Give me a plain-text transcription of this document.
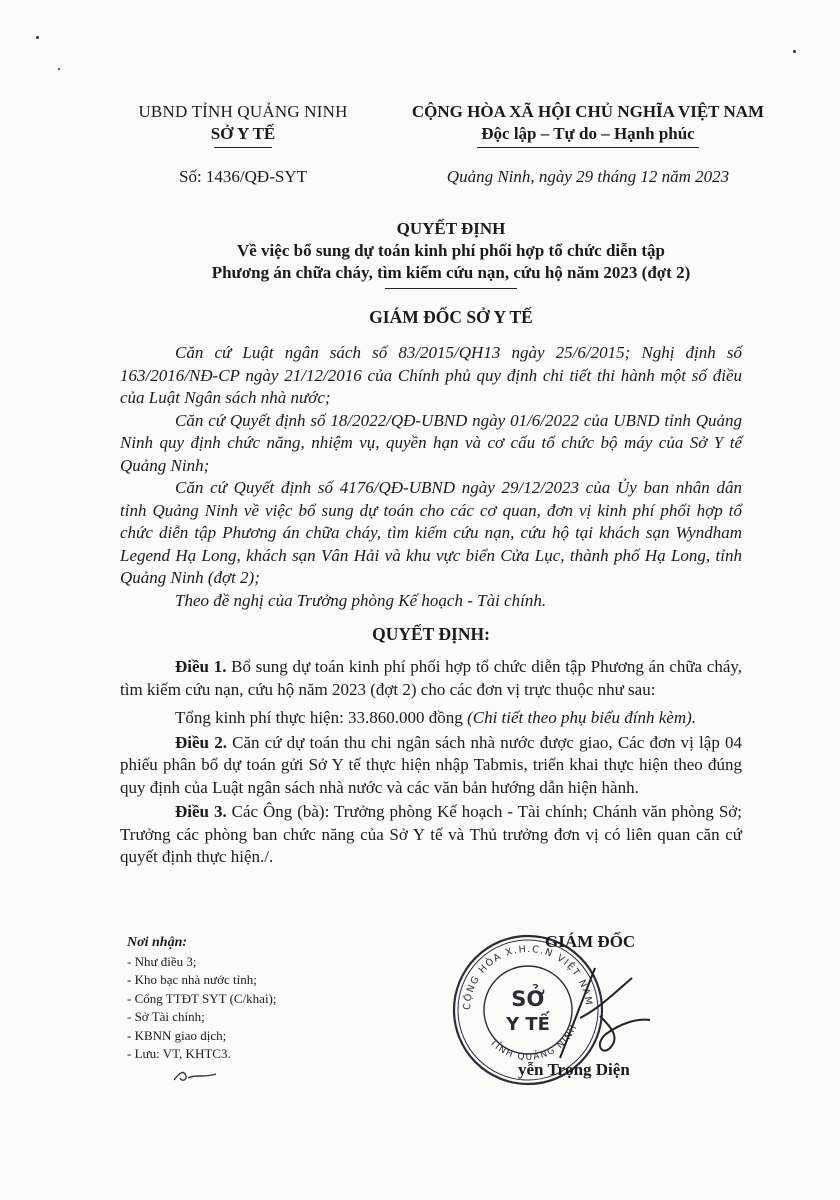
UBND TỈNH QUẢNG NINH
SỞ Y TẾ
Số: 1436/QĐ-SYT
CỘNG HÒA XÃ HỘI CHỦ NGHĨA VIỆT NAM
Độc lập – Tự do – Hạnh phúc
Quảng Ninh, ngày 29 tháng 12 năm 2023
QUYẾT ĐỊNH
Về việc bổ sung dự toán kinh phí phối hợp tổ chức diễn tập
Phương án chữa cháy, tìm kiếm cứu nạn, cứu hộ năm 2023 (đợt 2)
GIÁM ĐỐC SỞ Y TẾ

Căn cứ Luật ngân sách số 83/2015/QH13 ngày 25/6/2015; Nghị định số 163/2016/NĐ-CP ngày 21/12/2016 của Chính phủ quy định chi tiết thi hành một số điều của Luật Ngân sách nhà nước;

Căn cứ Quyết định số 18/2022/QĐ-UBND ngày 01/6/2022 của UBND tỉnh Quảng Ninh quy định chức năng, nhiệm vụ, quyền hạn và cơ cấu tổ chức bộ máy của Sở Y tế Quảng Ninh;

Căn cứ Quyết định số 4176/QĐ-UBND ngày 29/12/2023 của Ủy ban nhân dân tỉnh Quảng Ninh về việc bổ sung dự toán cho các cơ quan, đơn vị kinh phí phối hợp tổ chức diễn tập Phương án chữa cháy, tìm kiếm cứu nạn, cứu hộ tại khách sạn Wyndham Legend Hạ Long, khách sạn Vân Hải và khu vực biển Cửa Lục, thành phố Hạ Long, tỉnh Quảng Ninh (đợt 2);

Theo đề nghị của Trưởng phòng Kế hoạch - Tài chính.

QUYẾT ĐỊNH:

Điều 1. Bổ sung dự toán kinh phí phối hợp tổ chức diễn tập Phương án chữa cháy, tìm kiếm cứu nạn, cứu hộ năm 2023 (đợt 2) cho các đơn vị trực thuộc như sau:

Tổng kinh phí thực hiện: 33.860.000 đồng (Chi tiết theo phụ biểu đính kèm).

Điều 2. Căn cứ dự toán thu chi ngân sách nhà nước được giao, Các đơn vị lập 04 phiếu phân bổ dự toán gửi Sở Y tế thực hiện nhập Tabmis, triển khai thực hiện theo đúng quy định của Luật ngân sách nhà nước và các văn bản hướng dẫn hiện hành.

Điều 3. Các Ông (bà): Trưởng phòng Kế hoạch - Tài chính; Chánh văn phòng Sở; Trưởng các phòng ban chức năng của Sở Y tế và Thủ trưởng đơn vị có liên quan căn cứ quyết định thực hiện./.

Nơi nhận:
- Như điều 3;
- Kho bạc nhà nước tỉnh;
- Cổng TTĐT SYT (C/khai);
- Sở Tài chính;
- KBNN giao dịch;
- Lưu: VT, KHTC3.
CỘNG HÒA X.H.C.N VIỆT NAM
TỈNH QUẢNG NINH
SỞ
Y TẾ
GIÁM ĐỐC
yễn Trọng Diện
